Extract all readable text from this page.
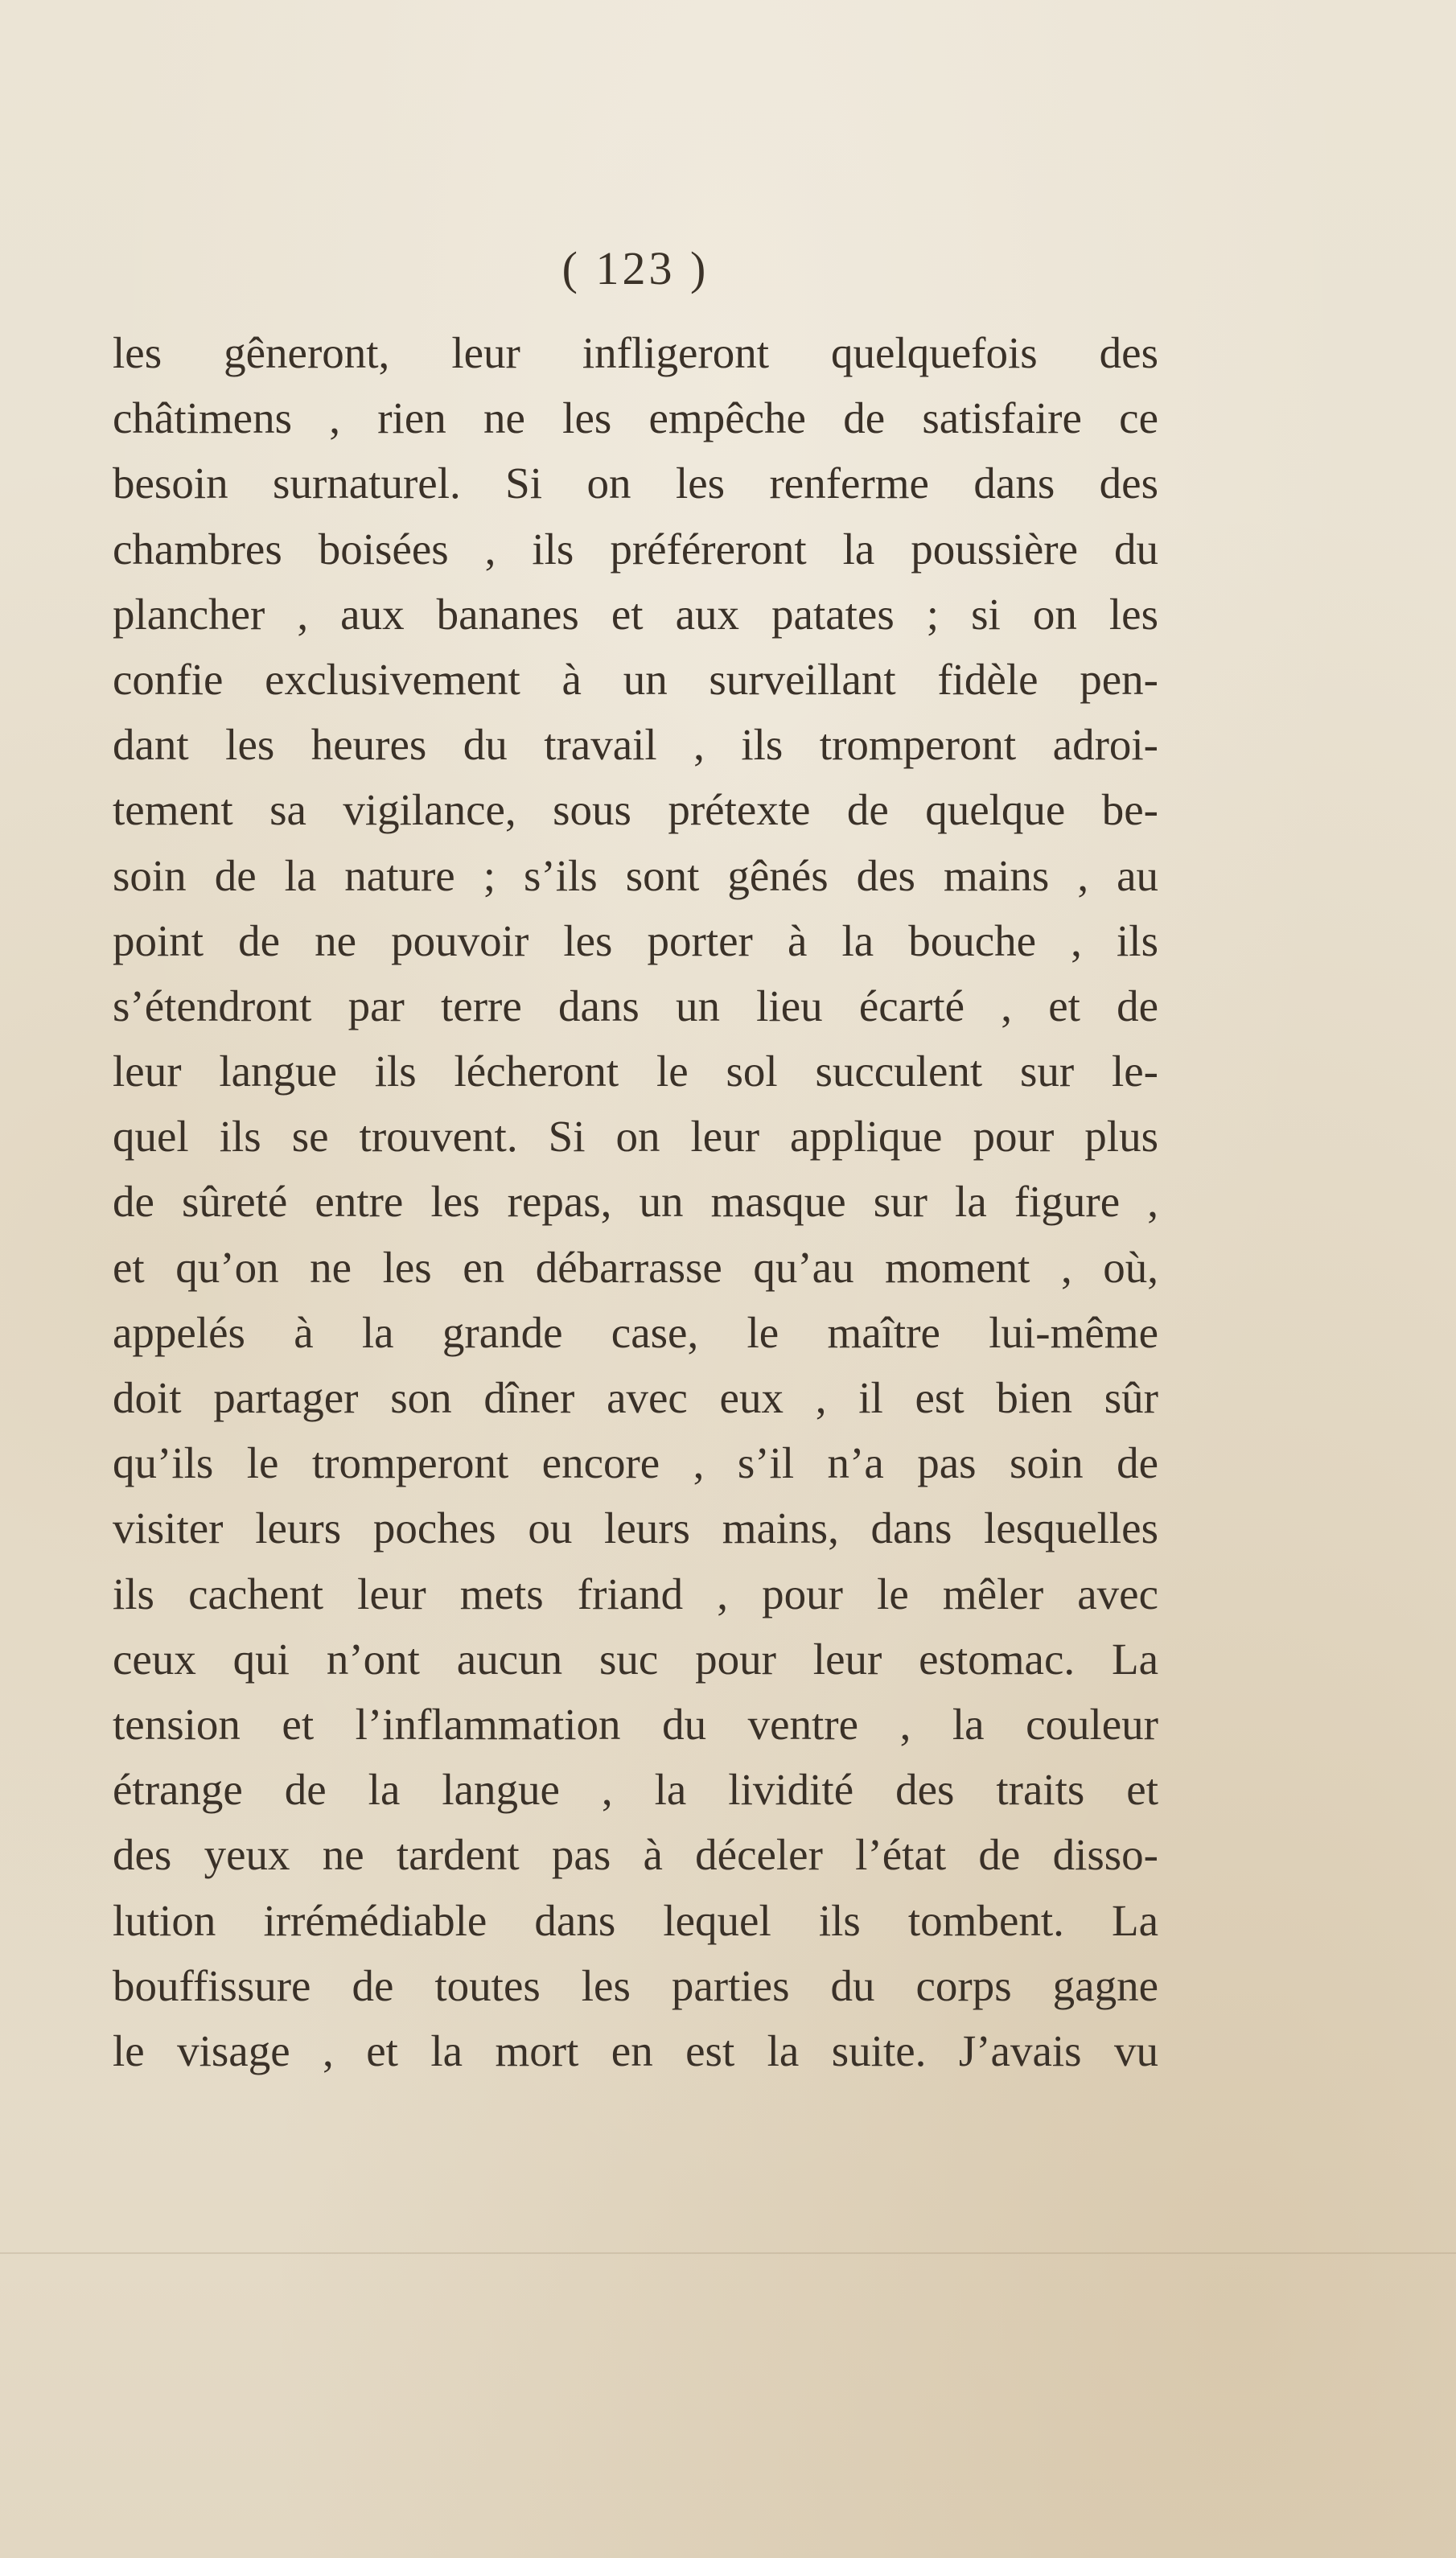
( 123 )
les gêneront, leur infligeront quelquefois des
châtimens , rien ne les empêche de satisfaire ce
besoin surnaturel. Si on les renferme dans des
chambres boisées , ils préféreront la poussière du
plancher , aux bananes et aux patates ; si on les
confie exclusivement à un surveillant fidèle pen-
dant les heures du travail , ils tromperont adroi-
tement sa vigilance, sous prétexte de quelque be-
soin de la nature ; s’ils sont gênés des mains , au
point de ne pouvoir les porter à la bouche , ils
s’étendront par terre dans un lieu écarté , et de
leur langue ils lécheront le sol succulent sur le-
quel ils se trouvent. Si on leur applique pour plus
de sûreté entre les repas, un masque sur la figure ,
et qu’on ne les en débarrasse qu’au moment , où,
appelés à la grande case, le maître lui-même
doit partager son dîner avec eux , il est bien sûr
qu’ils le tromperont encore , s’il n’a pas soin de
visiter leurs poches ou leurs mains, dans lesquelles
ils cachent leur mets friand , pour le mêler avec
ceux qui n’ont aucun suc pour leur estomac. La
tension et l’inflammation du ventre , la couleur
étrange de la langue , la lividité des traits et
des yeux ne tardent pas à déceler l’état de disso-
lution irrémédiable dans lequel ils tombent. La
bouffissure de toutes les parties du corps gagne
le visage , et la mort en est la suite. J’avais vu
